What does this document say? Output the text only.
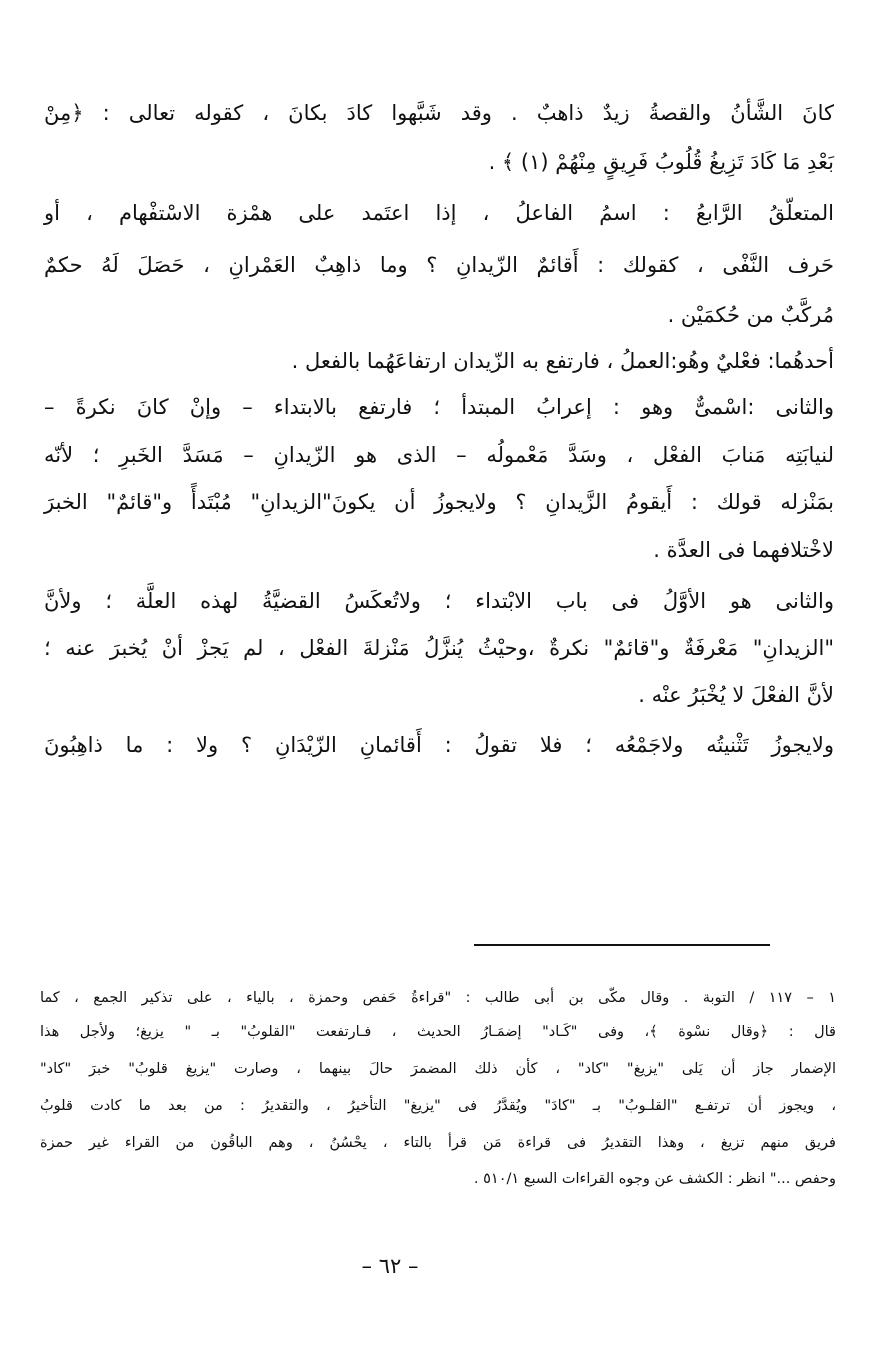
كانَ الشَّأنُ والقصةُ زيدٌ ذاهبٌ . وقد شَبَّهوا كادَ بكانَ ، كقوله تعالى : ﴿مِنْ
بَعْدِ مَا كَادَ تَزِيغُ قُلُوبُ فَرِيقٍ مِنْهُمْ (١) ﴾ .
المتعلّقُ الرَّابعُ : اسمُ الفاعلُ ، إذا اعتَمد على همْزة الاسْتفْهام ، أو
حَرف النَّفْى ، كقولك : أَقائمٌ الزّيدانِ ؟ وما ذاهِبٌ العَمْرانِ ، حَصَلَ لَهُ حكمٌ
مُركَّبٌ من حُكمَيْن .
أحدهُما: فعْليٌ وهُو:العملُ ، فارتفع به الزّيدان ارتفاعَهُما بالفعل .
والثانى :اسْمىٌّ وهو : إعرابُ المبتدأ ؛ فارتفع بالابتداء – وإنْ كانَ نكرةً –
لنيابَتِه مَنابَ الفعْل ، وسَدَّ مَعْمولُه – الذى هو الزّيدانِ – مَسَدَّ الخَبرِ ؛ لأنّه
بمَنْزله قولك : أَيقومُ الزَّيدانِ ؟ ولايجوزُ أن يكونَ"الزيدانِ" مُبْتَدأً و"قائمٌ" الخبرَ
لاخْتلافهما فى العدَّة .
والثانى هو الأوَّلُ فى باب الابْتداء ؛ ولاتُعكَسُ القضيَّةُ لهذه العلَّة ؛ ولأنَّ
"الزيدانِ" مَعْرفَةٌ و"قائمٌ" نكرةٌ ،وحيْثُ يُنزَّلُ مَنْزلةَ الفعْل ، لم يَجزْ أنْ يُخبرَ عنه ؛
لأنَّ الفعْلَ لا يُخْبَرُ عنْه .
ولايجوزُ تَثْنيتُه ولاجَمْعُه ؛ فلا تقولُ : أَقائمانِ الزّيْدَانِ ؟ ولا : ما ذاهِبُونَ
١ – ١١٧ / التوبة . وقال مكّى بن أبى طالب : "قراءةُ حَفص وحمزة ، بالياء ، على تذكير الجمع ، كما
قال : ﴿وقال نسْوة ﴾، وفى "كَـاد" إضمَـارُ الحديث ، فـارتفعت "القلوبُ" بـ " يزيغ؛ ولأجل هذا
الإضمار جاز أن يَلى "يزيغ" "كاد" ، كأن ذلك المضمرَ حالَ بينهما ، وصارت "يزيغ قلوبُ" خبرَ "كاد"
، ويجوز أن ترتفـع "القلـوبُ" بـ "كادَ" ويُقدَّرُ فى "يزيغ" التأخيرُ ، والتقديرُ : من بعد ما كادت قلوبُ
فريق منهم تزيغ ، وهذا التقديرُ فى قراءة مَن قرأ بالتاء ، يحْسُنُ ، وهم الباقُون من القراء غير حمزة
وحفص ..." انظر : الكشف عن وجوه القراءات السبع ٥١٠/١ .
– ٦٢ –
